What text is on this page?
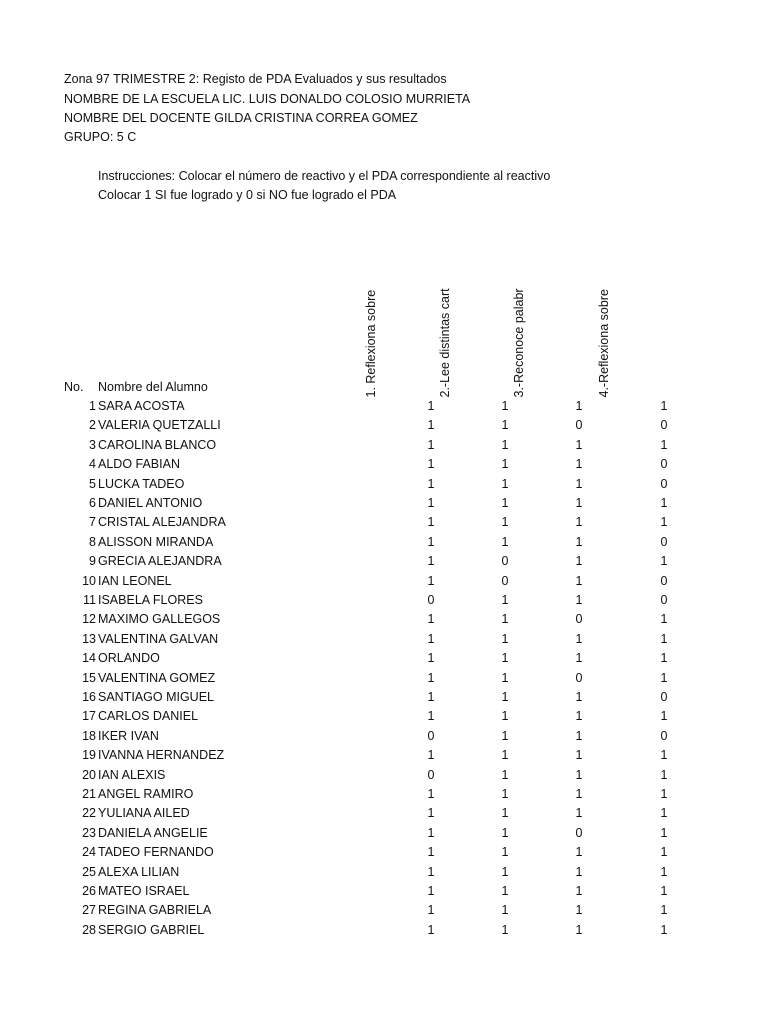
Zona 97 TRIMESTRE 2: Registo de PDA Evaluados y sus resultados
NOMBRE DE LA ESCUELA LIC. LUIS DONALDO COLOSIO MURRIETA
NOMBRE DEL DOCENTE GILDA CRISTINA CORREA GOMEZ
GRUPO: 5 C
Instrucciones: Colocar el número de reactivo y el PDA correspondiente al reactivo
Colocar 1 SI fue logrado y 0 si NO fue logrado el PDA
1. Reflexiona sobre	2.-Lee distintas cart	3.-Reconoce palabr	4.-Reflexiona sobre
No. Nombre del Alumno
1 SARA ACOSTA	1	1	1	1
2 VALERIA QUETZALLI	1	1	0	0
3 CAROLINA BLANCO	1	1	1	1
4 ALDO FABIAN	1	1	1	0
5 LUCKA TADEO	1	1	1	0
6 DANIEL ANTONIO	1	1	1	1
7 CRISTAL ALEJANDRA	1	1	1	1
8 ALISSON MIRANDA	1	1	1	0
9 GRECIA ALEJANDRA	1	0	1	1
10 IAN LEONEL	1	0	1	0
11 ISABELA FLORES	0	1	1	0
12 MAXIMO GALLEGOS	1	1	0	1
13 VALENTINA GALVAN	1	1	1	1
14 ORLANDO	1	1	1	1
15 VALENTINA GOMEZ	1	1	0	1
16 SANTIAGO MIGUEL	1	1	1	0
17 CARLOS DANIEL	1	1	1	1
18 IKER IVAN	0	1	1	0
19 IVANNA HERNANDEZ	1	1	1	1
20 IAN ALEXIS	0	1	1	1
21 ANGEL RAMIRO	1	1	1	1
22 YULIANA AILED	1	1	1	1
23 DANIELA ANGELIE	1	1	0	1
24 TADEO FERNANDO	1	1	1	1
25 ALEXA LILIAN	1	1	1	1
26 MATEO ISRAEL	1	1	1	1
27 REGINA GABRIELA	1	1	1	1
28 SERGIO GABRIEL	1	1	1	1
